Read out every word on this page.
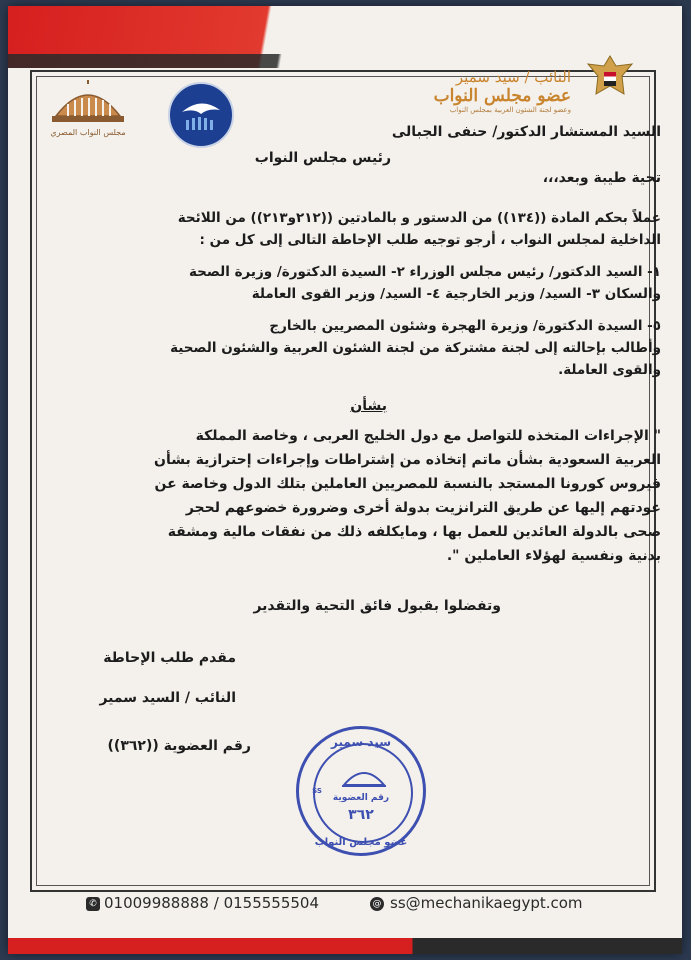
مجلس النواب المصري
النائب / سيد سمير
عضو مجلس النواب
وعضو لجنة الشئون العربية بمجلس النواب
السيد المستشار الدكتور/ حنفى الجبالى
رئيس مجلس النواب
تحية طيبة وبعد،،،
عملاً بحكم المادة ((١٣٤)) من الدستور و بالمادتين ((٢١٢و٢١٣)) من اللائحة
الداخلية لمجلس النواب ، أرجو توجيه طلب الإحاطة التالى إلى كل من :
١- السيد الدكتور/ رئيس مجلس الوزراء ٢- السيدة الدكتورة/ وزيرة الصحة
والسكان ٣- السيد/ وزير الخارجية ٤- السيد/ وزير القوى العاملة
٥- السيدة الدكتورة/ وزيرة الهجرة وشئون المصريين بالخارج
وأطالب بإحالته إلى لجنة مشتركة من لجنة الشئون العربية والشئون الصحية
والقوى العاملة.
بشأن
" الإجراءات المتخذه للتواصل مع دول الخليج العربى ، وخاصة المملكة
العربية السعودية بشأن ماتم إتخاذه من إشتراطات وإجراءات إحترازية بشأن
فيروس كورونا المستجد بالنسبة للمصريين العاملين بتلك الدول وخاصة عن
عودتهم إليها عن طريق الترانزيت بدولة أخرى وضرورة خضوعهم لحجر
صحى بالدولة العائدين للعمل بها ، ومايكلفه ذلك من نفقات مالية ومشقة
بدنية ونفسية لهؤلاء العاملين ".
وتفضلوا بقبول فائق التحية والتقدير
مقدم طلب الإحاطة
النائب / السيد سمير
رقم العضوية ((٣٦٢))	سيد سمير
رقم العضوية
٣٦٢
عضو مجلس النواب
SS
✆ 01009988888 / 0155555504	@ ss@mechanikaegypt.com
